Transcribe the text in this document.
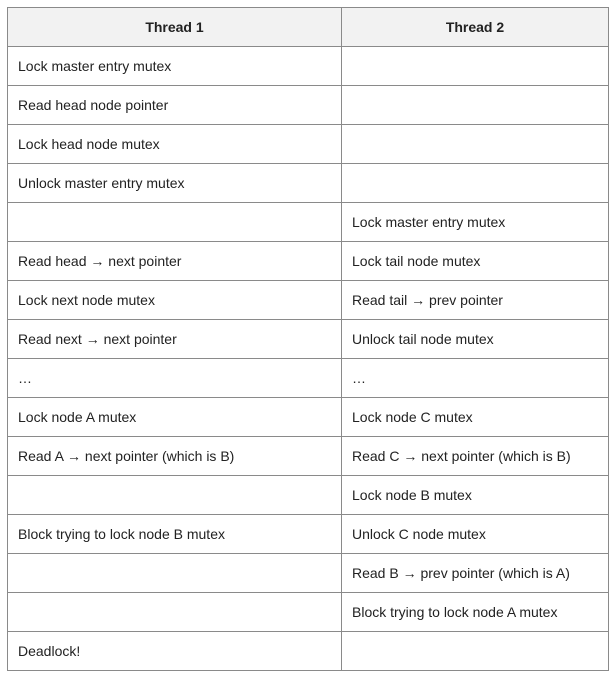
Thread 1	Thread 2
Lock master entry mutex	
Read head node pointer	
Lock head node mutex	
Unlock master entry mutex	
	Lock master entry mutex
Read head → next pointer	Lock tail node mutex
Lock next node mutex	Read tail → prev pointer
Read next → next pointer	Unlock tail node mutex
…	…
Lock node A mutex	Lock node C mutex
Read A → next pointer (which is B)	Read C → next pointer (which is B)
	Lock node B mutex
Block trying to lock node B mutex	Unlock C node mutex
	Read B → prev pointer (which is A)
	Block trying to lock node A mutex
Deadlock!	
